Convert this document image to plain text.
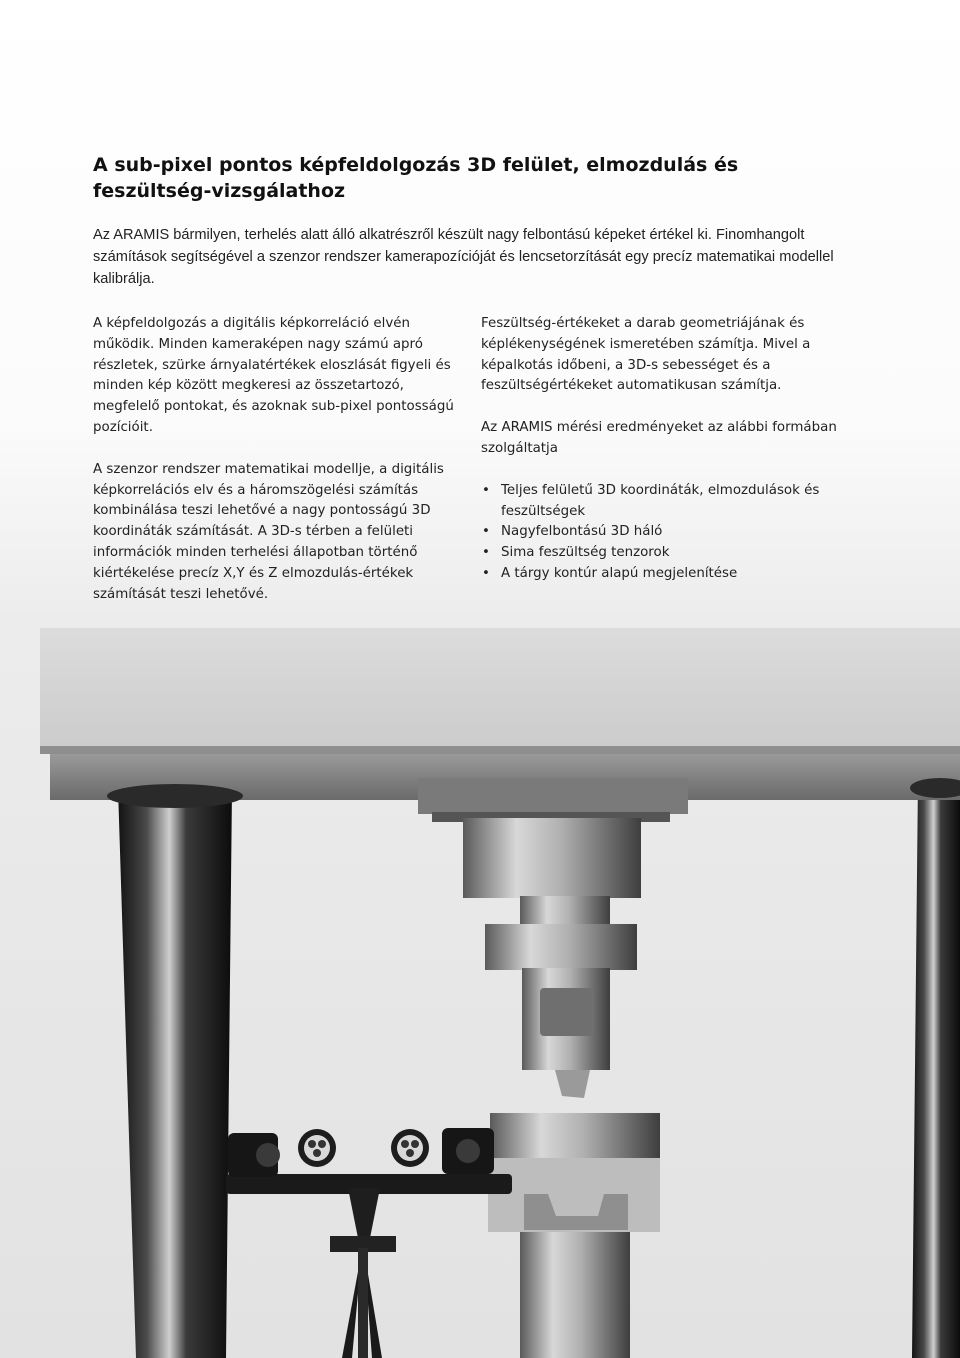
A sub-pixel pontos képfeldolgozás 3D felület, elmozdulás és feszültség-vizsgálathoz

Az ARAMIS bármilyen, terhelés alatt álló alkatrészről készült nagy felbontású képeket értékel ki. Finomhangolt számítások segítségével a szenzor rendszer kamerapozícióját és lencsetorzítását egy precíz matematikai modellel kalibrálja.

A képfeldolgozás a digitális képkorreláció elvén működik. Minden kameraképen nagy számú apró részletek, szürke árnyalatértékek eloszlását figyeli és minden kép között megkeresi az összetartozó, megfelelő pontokat, és azoknak sub-pixel pontosságú pozícióit.

A szenzor rendszer matematikai modellje, a digitális képkorrelációs elv és a háromszögelési számítás kombinálása teszi lehetővé a nagy pontosságú 3D koordináták számítását. A 3D-s térben a felületi információk minden terhelési állapotban történő kiértékelése precíz X,Y és Z elmozdulás-értékek számítását teszi lehetővé.

Feszültség-értékeket a darab geometriájának és képlékenységének ismeretében számítja. Mivel a képalkotás időbeni, a 3D-s sebességet és a feszültségértékeket automatikusan számítja.

Az ARAMIS mérési eredményeket az alábbi formában szolgáltatja

• Teljes felületű 3D koordináták, elmozdulások és feszültségek
• Nagyfelbontású 3D háló
• Sima feszültség tenzorok
• A tárgy kontúr alapú megjelenítése
